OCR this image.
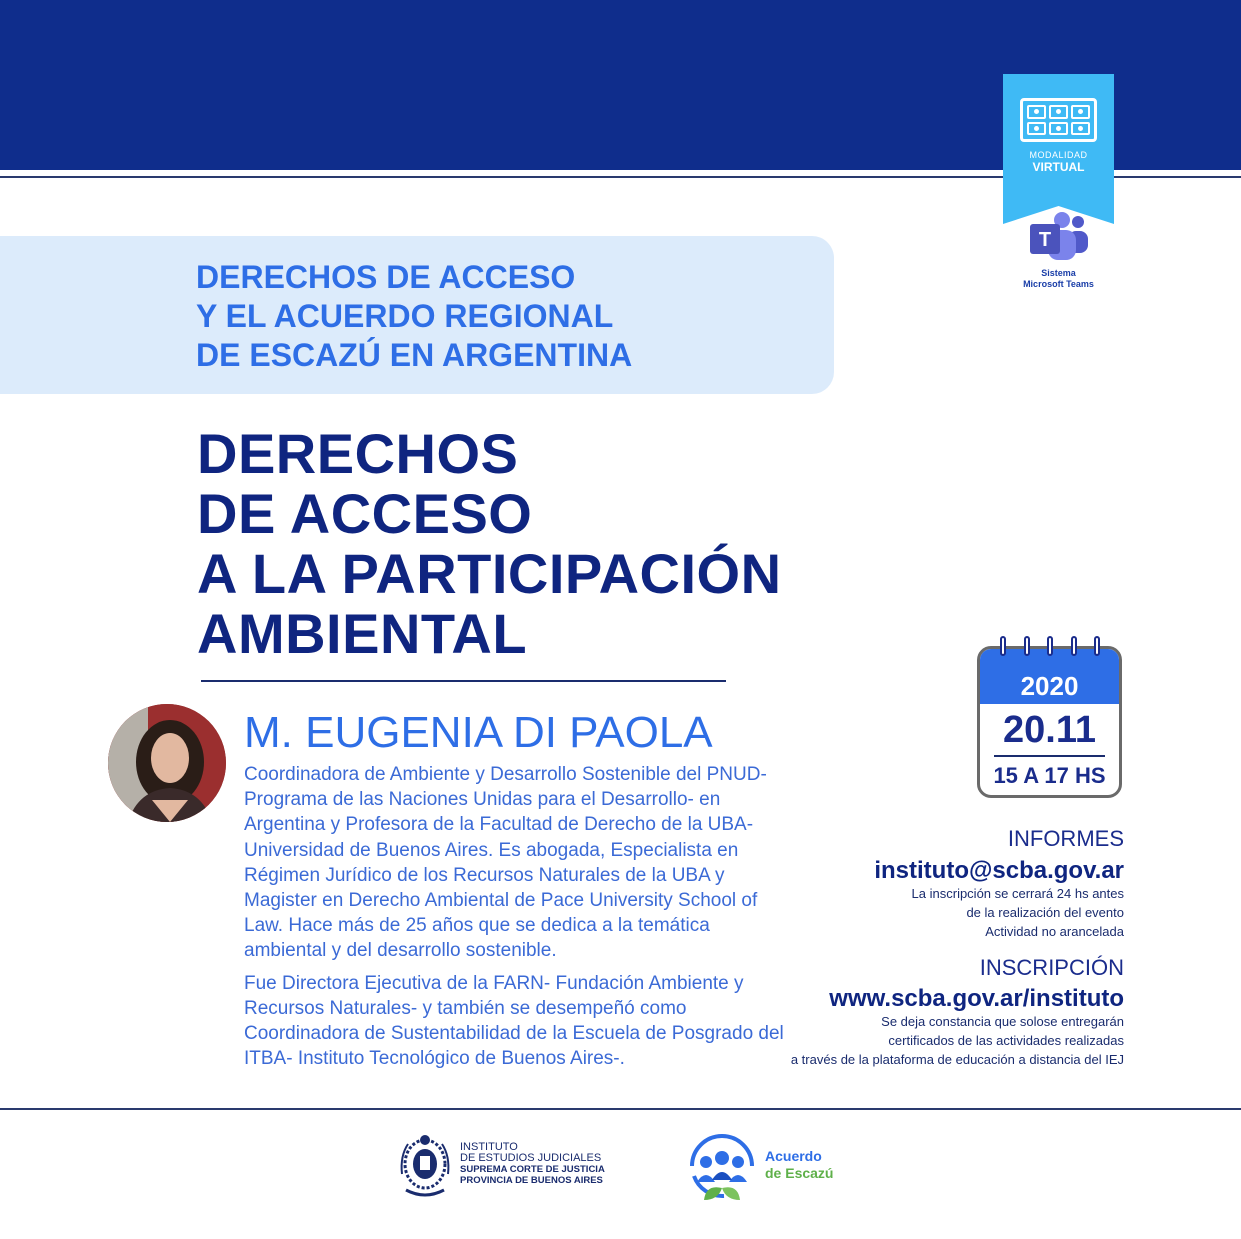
MODALIDAD
VIRTUAL
T
Sistema
Microsoft Teams
DERECHOS DE ACCESO
Y EL ACUERDO REGIONAL
DE ESCAZÚ EN ARGENTINA
DERECHOS
DE ACCESO
A LA PARTICIPACIÓN
AMBIENTAL
M. EUGENIA DI PAOLA

Coordinadora de Ambiente y Desarrollo Sostenible del PNUD- Programa de las Naciones Unidas para el Desarrollo- en Argentina y Profesora de la Facultad de Derecho de la UBA- Universidad de Buenos Aires. Es abogada, Especialista en Régimen Jurídico de los Recursos Naturales de la UBA y Magister en Derecho Ambiental de Pace University School of Law. Hace más de 25 años que se dedica a la temática ambiental y del desarrollo sostenible.

Fue Directora Ejecutiva de la FARN- Fundación Ambiente y Recursos Naturales- y también se desempeñó como Coordinadora de Sustentabilidad de la Escuela de Posgrado del ITBA- Instituto Tecnológico de Buenos Aires-.

2020
20.11
15 A 17 HS
INFORMES
instituto@scba.gov.ar
La inscripción se cerrará 24 hs antes
de la realización del evento
Actividad no arancelada
INSCRIPCIÓN
www.scba.gov.ar/instituto
Se deja constancia que solose entregarán
certificados de las actividades realizadas
a través de la plataforma de educación a distancia del IEJ
INSTITUTO
DE ESTUDIOS JUDICIALES
SUPREMA CORTE DE JUSTICIA
PROVINCIA DE BUENOS AIRES
Acuerdo
de Escazú
